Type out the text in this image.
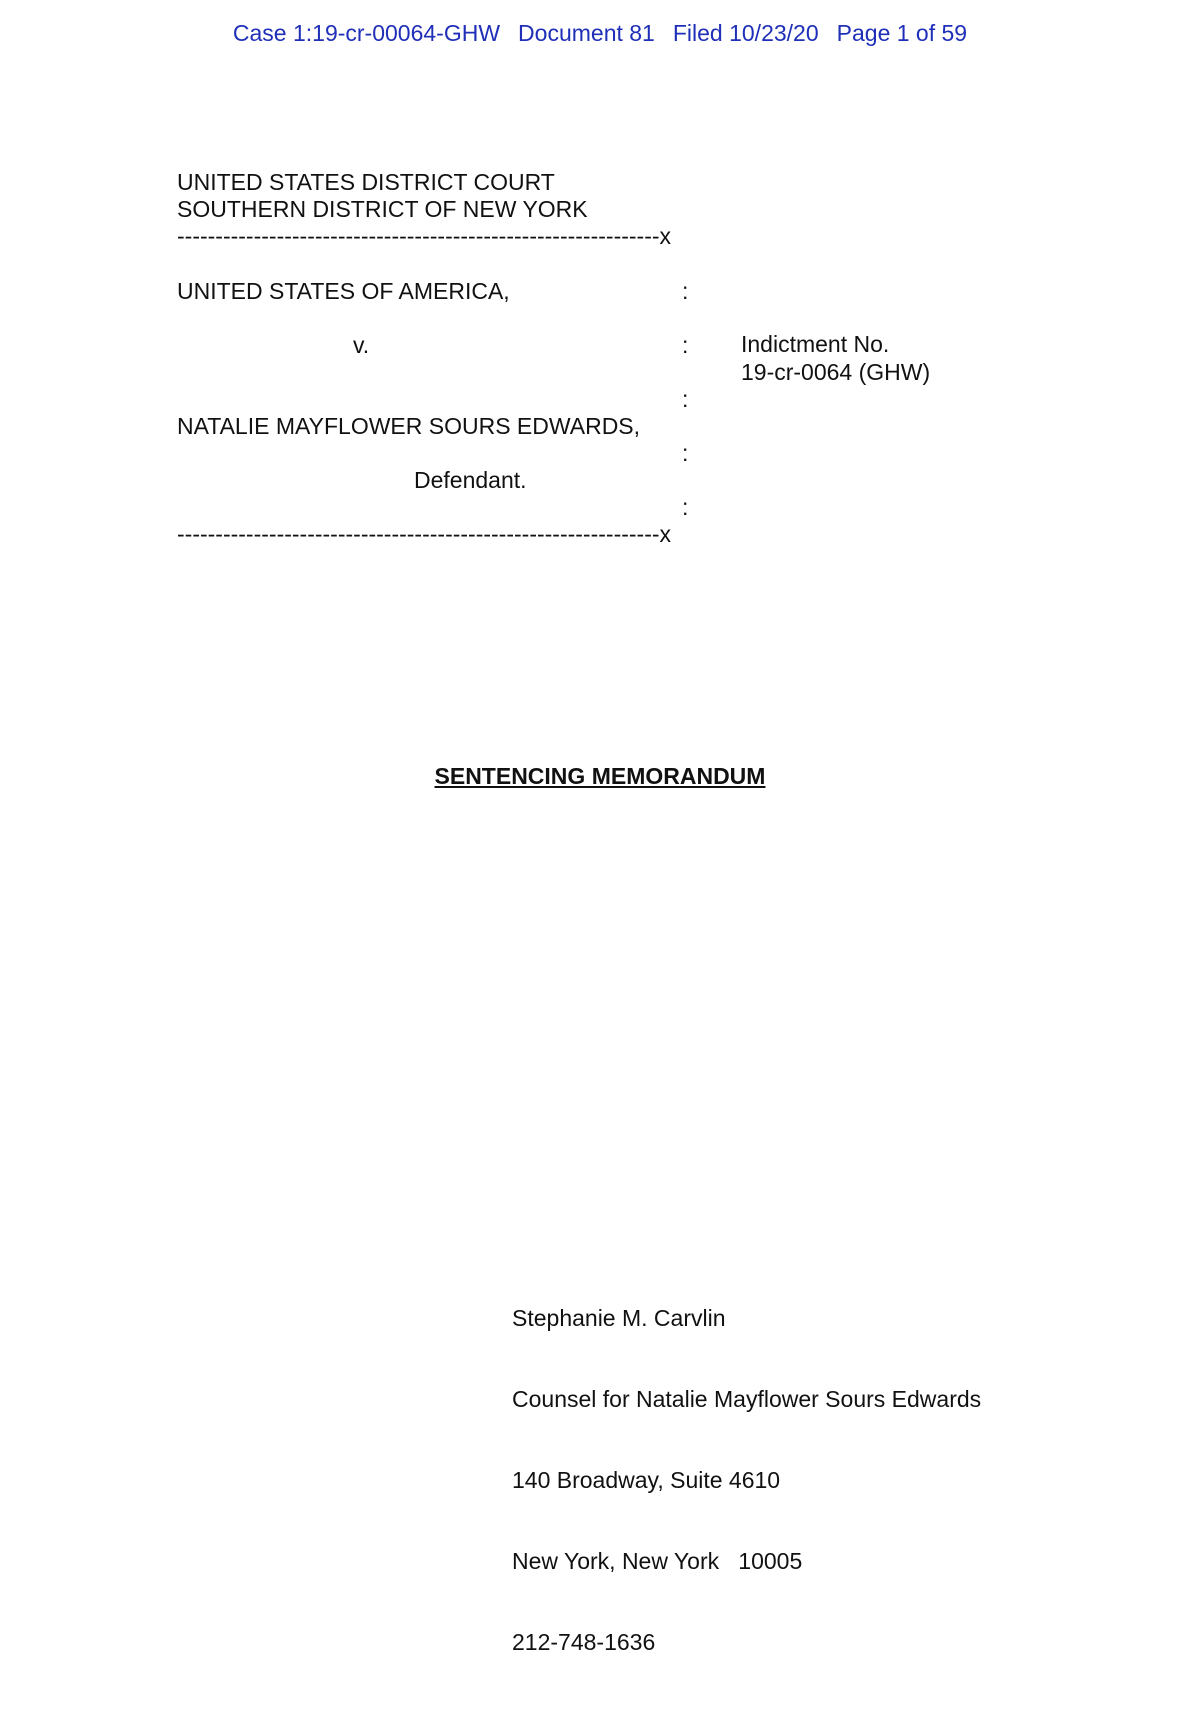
Case 1:19-cr-00064-GHW Document 81 Filed 10/23/20 Page 1 of 59
UNITED STATES DISTRICT COURT
SOUTHERN DISTRICT OF NEW YORK
---------------------------------------------------------------x
UNITED STATES OF AMERICA,	:
v.	: Indictment No.
19-cr-0064 (GHW)
:
NATALIE MAYFLOWER SOURS EDWARDS,
:
Defendant.
:
---------------------------------------------------------------x
SENTENCING MEMORANDUM

Stephanie M. Carvlin

Counsel for Natalie Mayflower Sours Edwards

140 Broadway, Suite 4610

New York, New York   10005

212-748-1636
